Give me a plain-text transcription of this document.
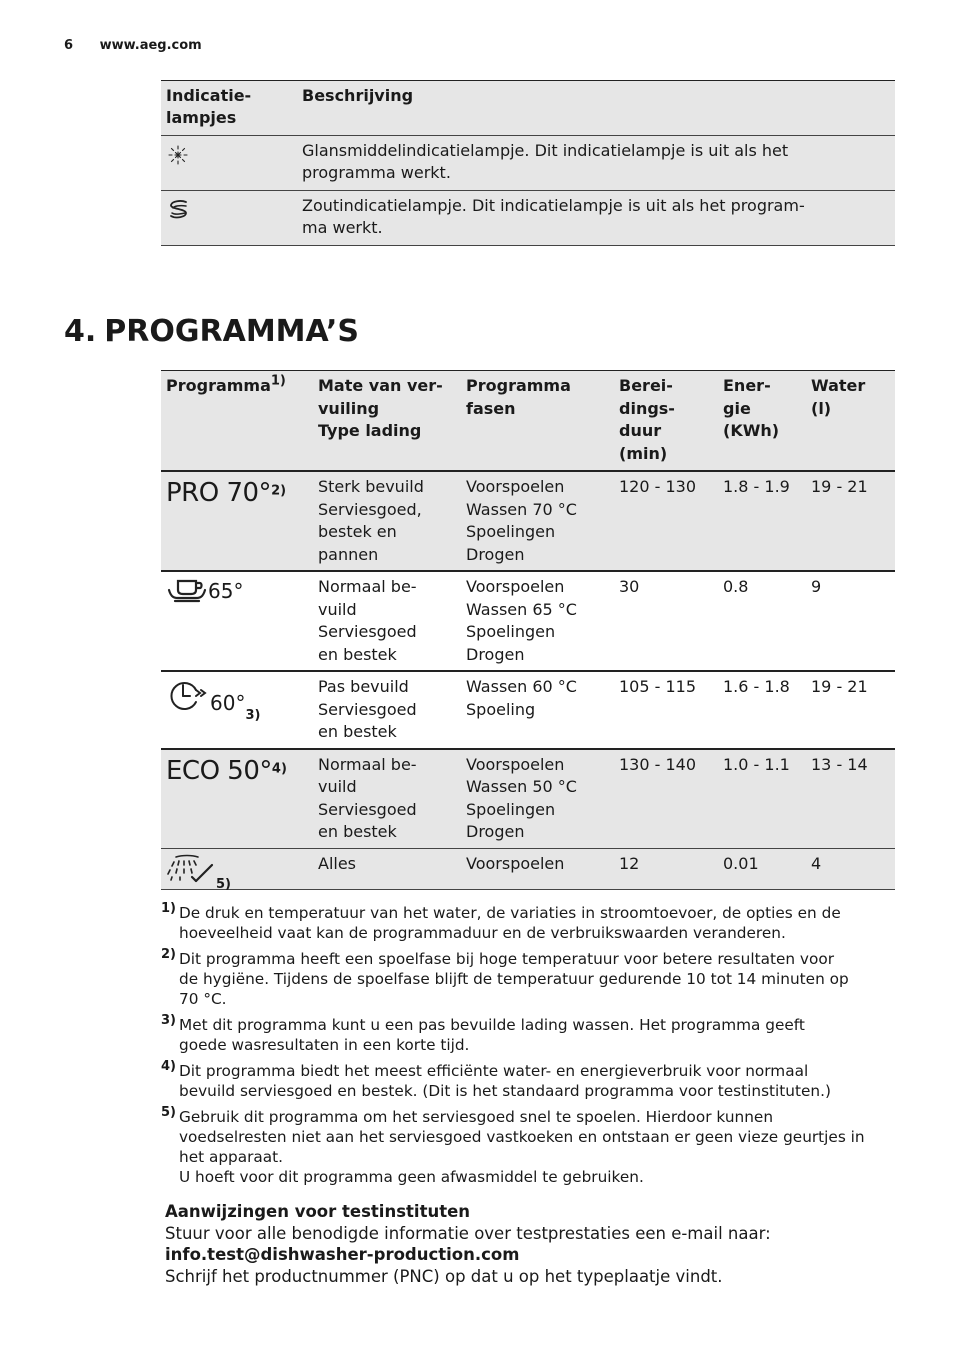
6 www.aeg.com
Indicatie-
lampjes	Beschrijving
	Glansmiddelindicatielampje. Dit indicatielampje is uit als het
programma werkt.
	Zoutindicatielampje. Dit indicatielampje is uit als het program-
ma werkt.
4. PROGRAMMA’S
Programma$^{1)}$	Mate van ver-
vuiling
Type lading	Programma
fasen	Berei-
dings-
duur
(min)	Ener-
gie
(KWh)	Water
(l)
PRO 70°$^{2)}$	Sterk bevuild
Serviesgoed,
bestek en
pannen	Voorspoelen
Wassen 70 °C
Spoelingen
Drogen	120 - 130	1.8 - 1.9	19 - 21

65°	Normaal be-
vuild
Serviesgoed
en bestek	Voorspoelen
Wassen 65 °C
Spoelingen
Drogen	30	0.8	9

60°
3)	Pas bevuild
Serviesgoed
en bestek	Wassen 60 °C
Spoeling	105 - 115	1.6 - 1.8	19 - 21
ECO 50°$^{4)}$	Normaal be-
vuild
Serviesgoed
en bestek	Voorspoelen
Wassen 50 °C
Spoelingen
Drogen	130 - 140	1.0 - 1.1	13 - 14

5)	Alles	Voorspoelen	12	0.01	4
1) De druk en temperatuur van het water, de variaties in stroomtoevoer, de opties en de
hoeveelheid vaat kan de programmaduur en de verbruikswaarden veranderen.
2) Dit programma heeft een spoelfase bij hoge temperatuur voor betere resultaten voor
de hygiëne. Tijdens de spoelfase blijft de temperatuur gedurende 10 tot 14 minuten op
70 °C.
3) Met dit programma kunt u een pas bevuilde lading wassen. Het programma geeft
goede wasresultaten in een korte tijd.
4) Dit programma biedt het meest efficiënte water- en energieverbruik voor normaal
bevuild serviesgoed en bestek. (Dit is het standaard programma voor testinstituten.)
5) Gebruik dit programma om het serviesgoed snel te spoelen. Hierdoor kunnen
voedselresten niet aan het serviesgoed vastkoeken en ontstaan er geen vieze geurtjes in
het apparaat.
U hoeft voor dit programma geen afwasmiddel te gebruiken.
Aanwijzingen voor testinstituten
Stuur voor alle benodigde informatie over testprestaties een e-mail naar:
info.test@dishwasher-production.com
Schrijf het productnummer (PNC) op dat u op het typeplaatje vindt.
